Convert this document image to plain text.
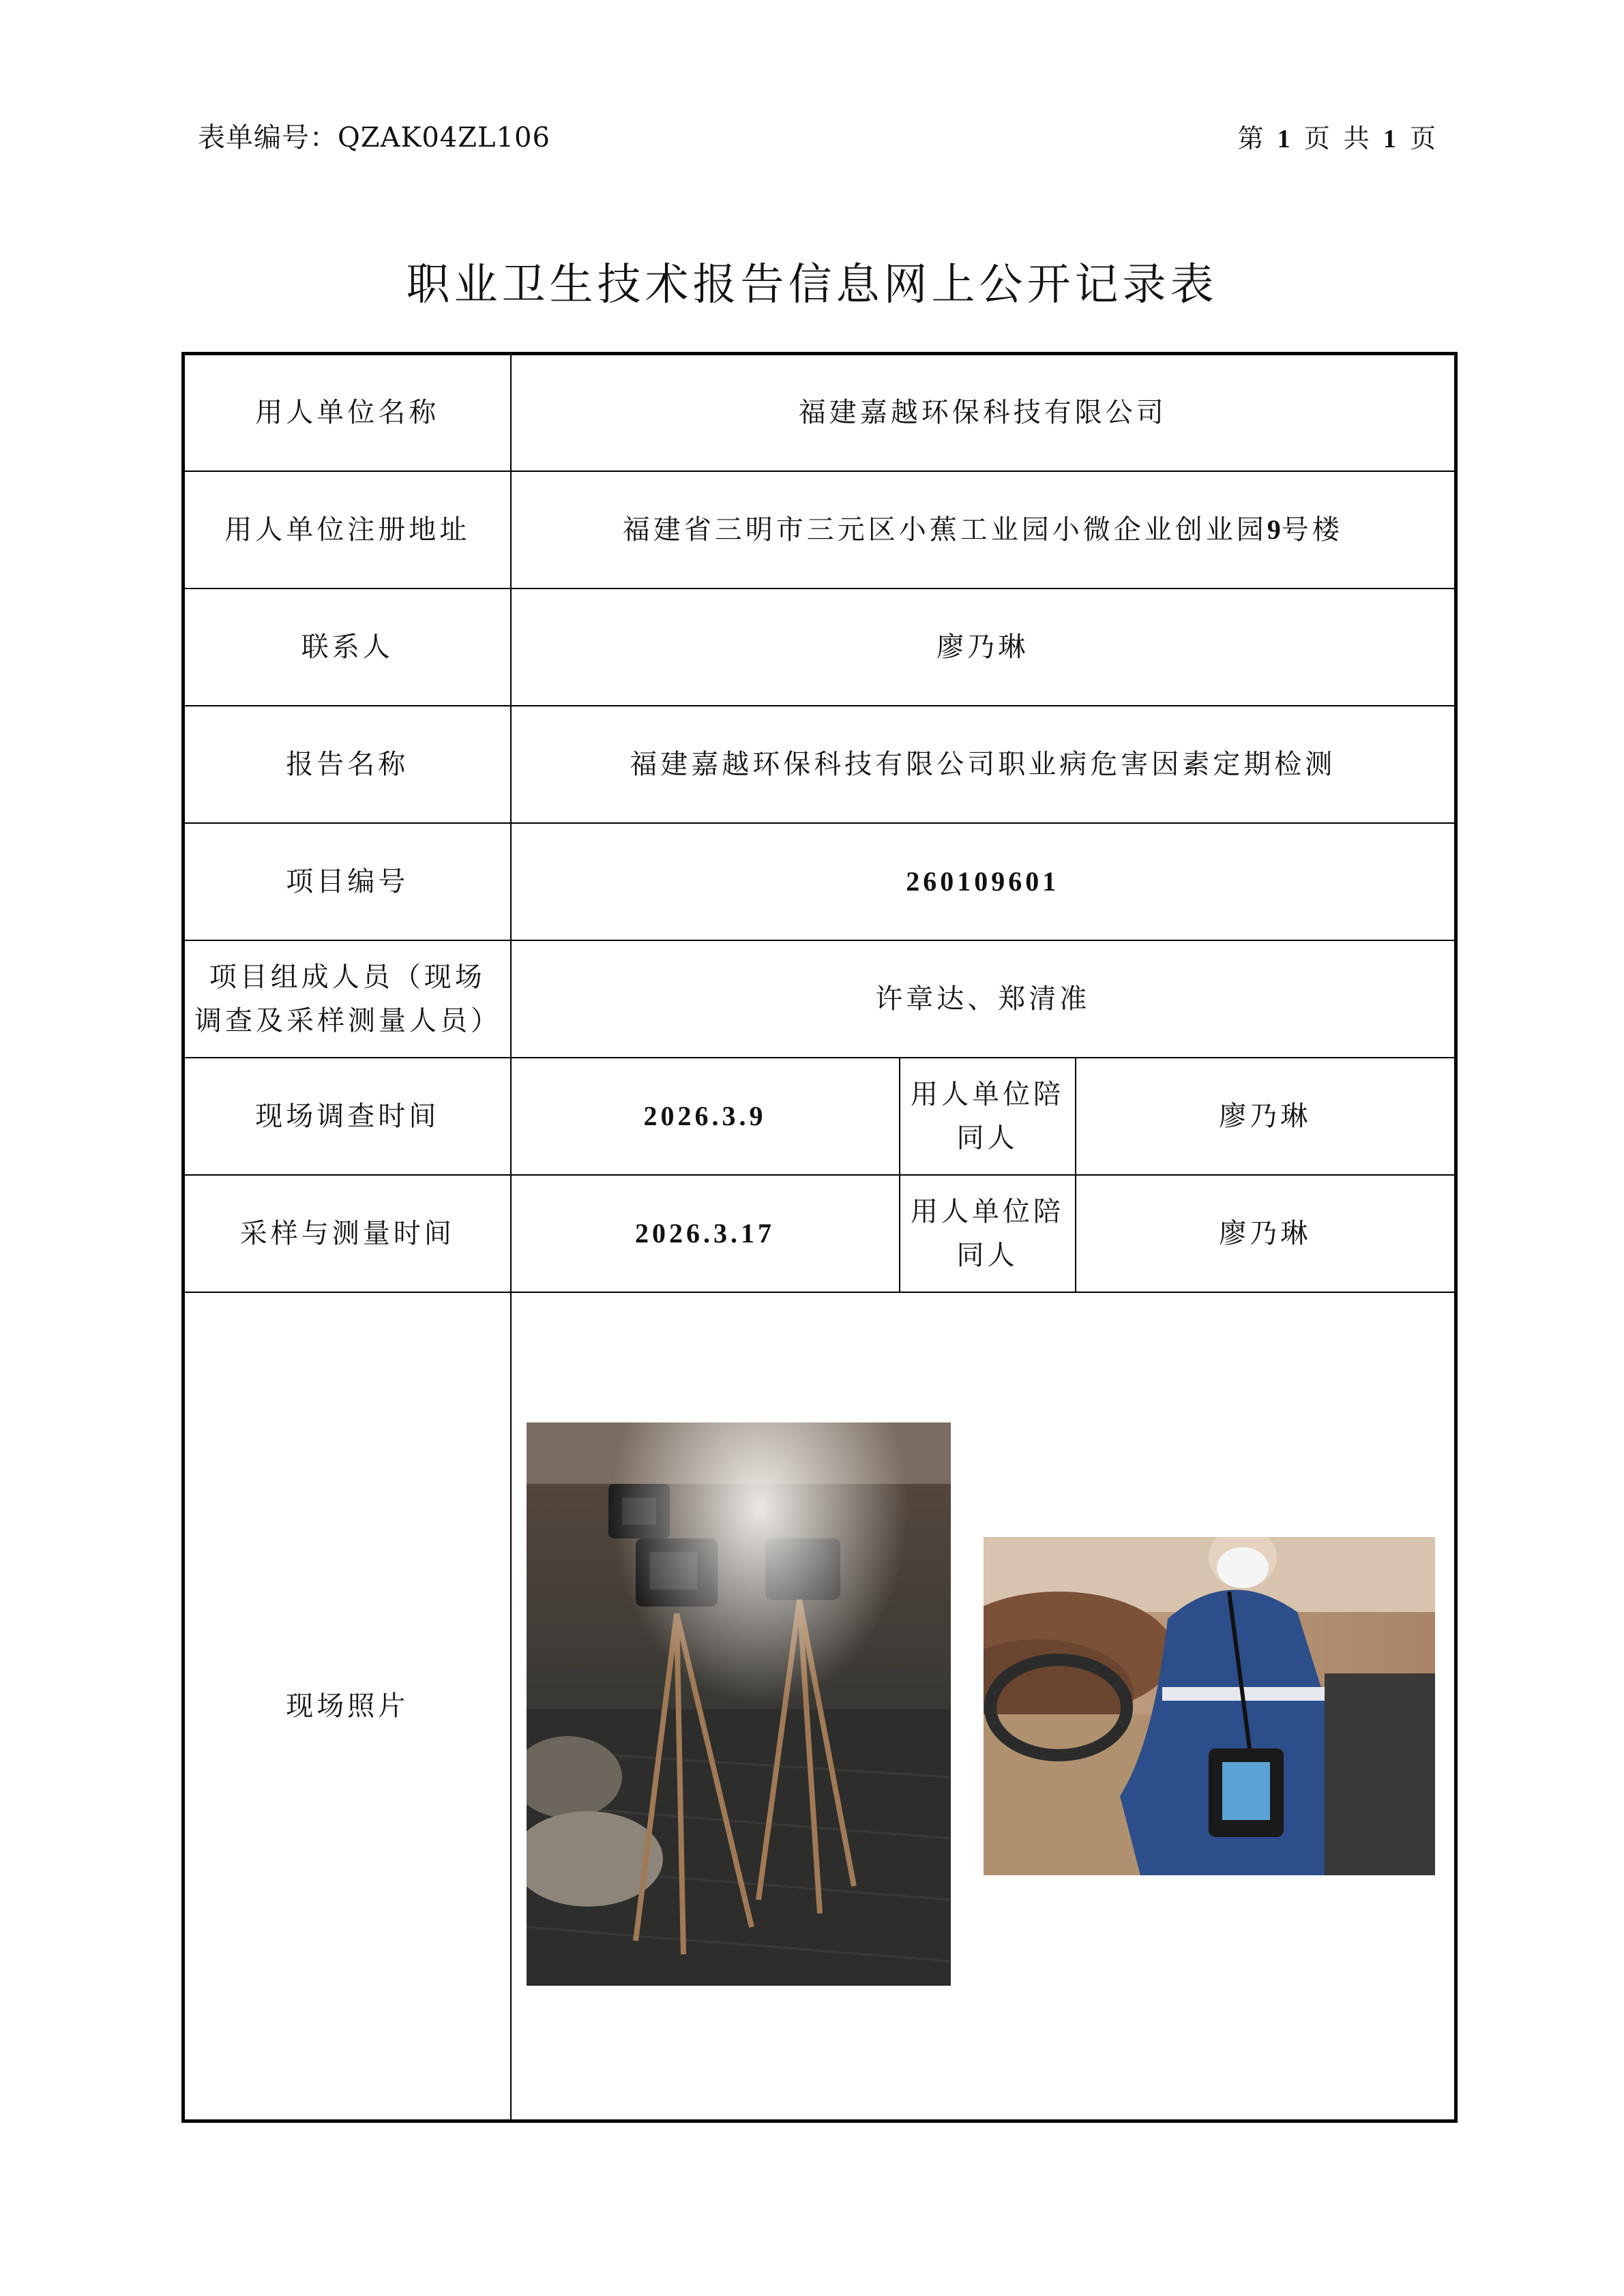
表单编号：QZAK04ZL106	第 1 页 共 1 页
职业卫生技术报告信息网上公开记录表
用人单位名称	福建嘉越环保科技有限公司		
用人单位注册地址	福建省三明市三元区小蕉工业园小微企业创业园9号楼		
联系人	廖乃琳		
报告名称	福建嘉越环保科技有限公司职业病危害因素定期检测		
项目编号	260109601		
项目组成人员（现场调查及采样测量人员）	许章达、郑清准		
现场调查时间	2026.3.9	用人单位陪同人	廖乃琳
采样与测量时间	2026.3.17	用人单位陪同人	廖乃琳
现场照片	
